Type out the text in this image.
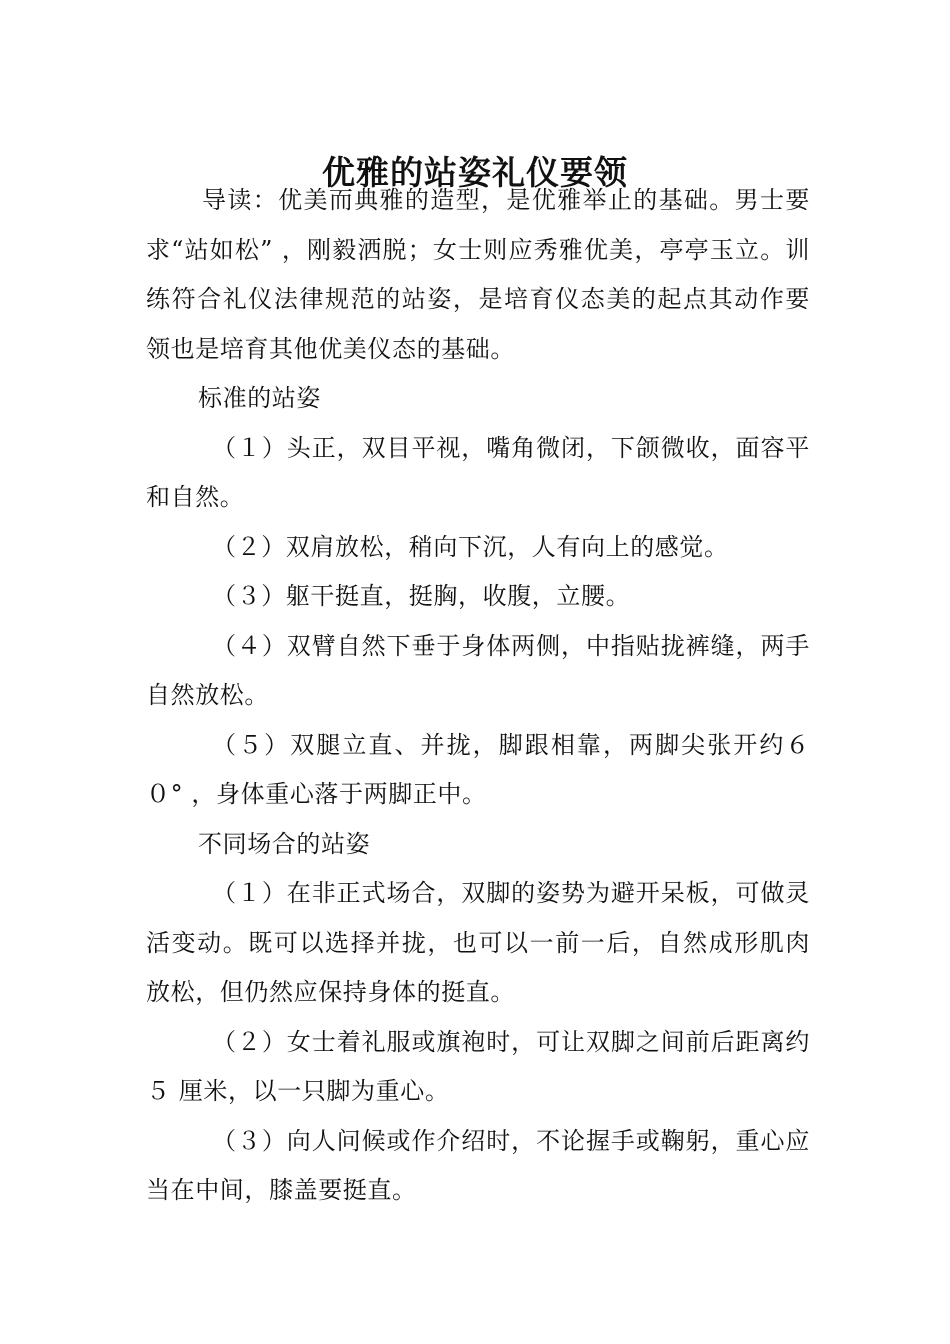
优雅的站姿礼仪要领

导读：优美而典雅的造型，是优雅举止的基础。男士要求“站如松” ，刚毅洒脱；女士则应秀雅优美，亭亭玉立。训练符合礼仪法律规范的站姿，是培育仪态美的起点其动作要领也是培育其他优美仪态的基础。

标准的站姿

（１）头正，双目平视，嘴角微闭，下颌微收，面容平和自然。

（２）双肩放松，稍向下沉，人有向上的感觉。

（３）躯干挺直，挺胸，收腹，立腰。

（４）双臂自然下垂于身体两侧，中指贴拢裤缝，两手自然放松。

（５）双腿立直、并拢，脚跟相靠，两脚尖张开约６０° ，身体重心落于两脚正中。

不同场合的站姿

（１）在非正式场合，双脚的姿势为避开呆板，可做灵活变动。既可以选择并拢，也可以一前一后，自然成形肌肉放松，但仍然应保持身体的挺直。

（２）女士着礼服或旗袍时，可让双脚之间前后距离约５ 厘米，以一只脚为重心。

（３）向人问候或作介绍时，不论握手或鞠躬，重心应当在中间，膝盖要挺直。
